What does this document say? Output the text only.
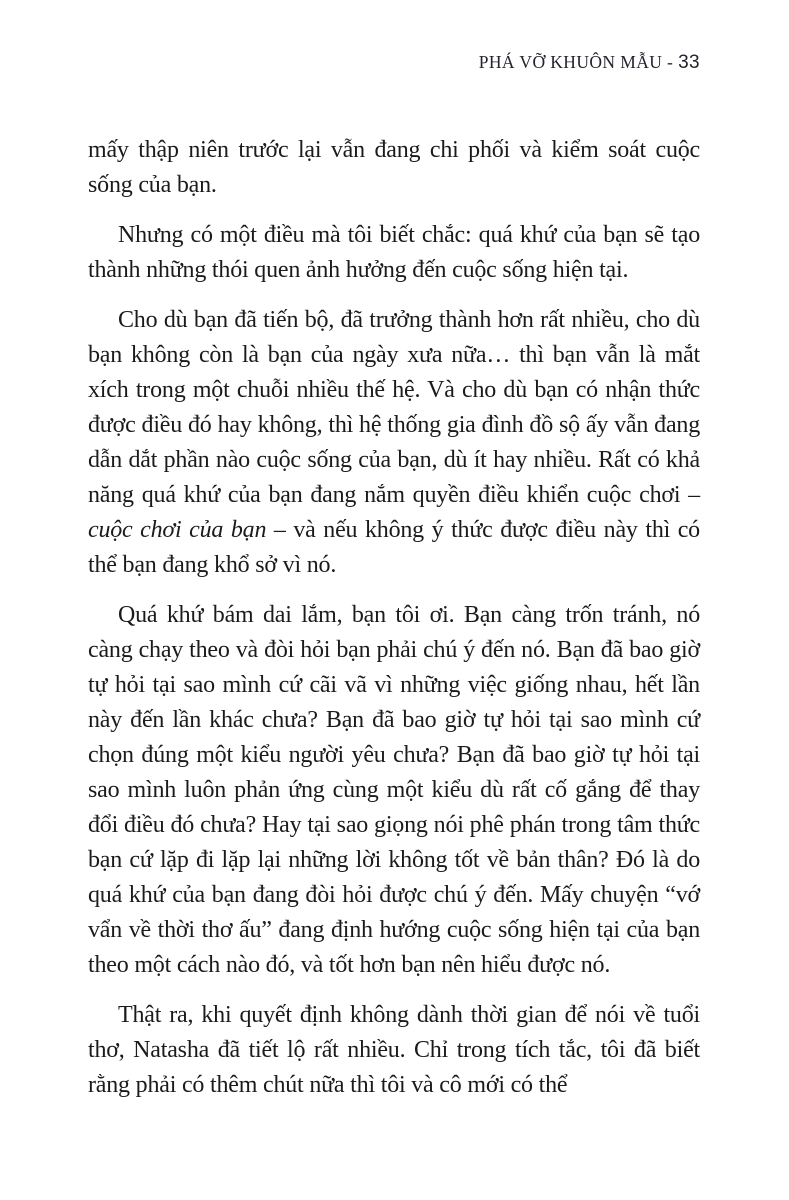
PHÁ VỠ KHUÔN MẪU - 33

mấy thập niên trước lại vẫn đang chi phối và kiểm soát cuộc sống của bạn.

Nhưng có một điều mà tôi biết chắc: quá khứ của bạn sẽ tạo thành những thói quen ảnh hưởng đến cuộc sống hiện tại.

Cho dù bạn đã tiến bộ, đã trưởng thành hơn rất nhiều, cho dù bạn không còn là bạn của ngày xưa nữa… thì bạn vẫn là mắt xích trong một chuỗi nhiều thế hệ. Và cho dù bạn có nhận thức được điều đó hay không, thì hệ thống gia đình đồ sộ ấy vẫn đang dẫn dắt phần nào cuộc sống của bạn, dù ít hay nhiều. Rất có khả năng quá khứ của bạn đang nắm quyền điều khiển cuộc chơi – cuộc chơi của bạn – và nếu không ý thức được điều này thì có thể bạn đang khổ sở vì nó.

Quá khứ bám dai lắm, bạn tôi ơi. Bạn càng trốn tránh, nó càng chạy theo và đòi hỏi bạn phải chú ý đến nó. Bạn đã bao giờ tự hỏi tại sao mình cứ cãi vã vì những việc giống nhau, hết lần này đến lần khác chưa? Bạn đã bao giờ tự hỏi tại sao mình cứ chọn đúng một kiểu người yêu chưa? Bạn đã bao giờ tự hỏi tại sao mình luôn phản ứng cùng một kiểu dù rất cố gắng để thay đổi điều đó chưa? Hay tại sao giọng nói phê phán trong tâm thức bạn cứ lặp đi lặp lại những lời không tốt về bản thân? Đó là do quá khứ của bạn đang đòi hỏi được chú ý đến. Mấy chuyện “vớ vẩn về thời thơ ấu” đang định hướng cuộc sống hiện tại của bạn theo một cách nào đó, và tốt hơn bạn nên hiểu được nó.

Thật ra, khi quyết định không dành thời gian để nói về tuổi thơ, Natasha đã tiết lộ rất nhiều. Chỉ trong tích tắc, tôi đã biết rằng phải có thêm chút nữa thì tôi và cô mới có thể
